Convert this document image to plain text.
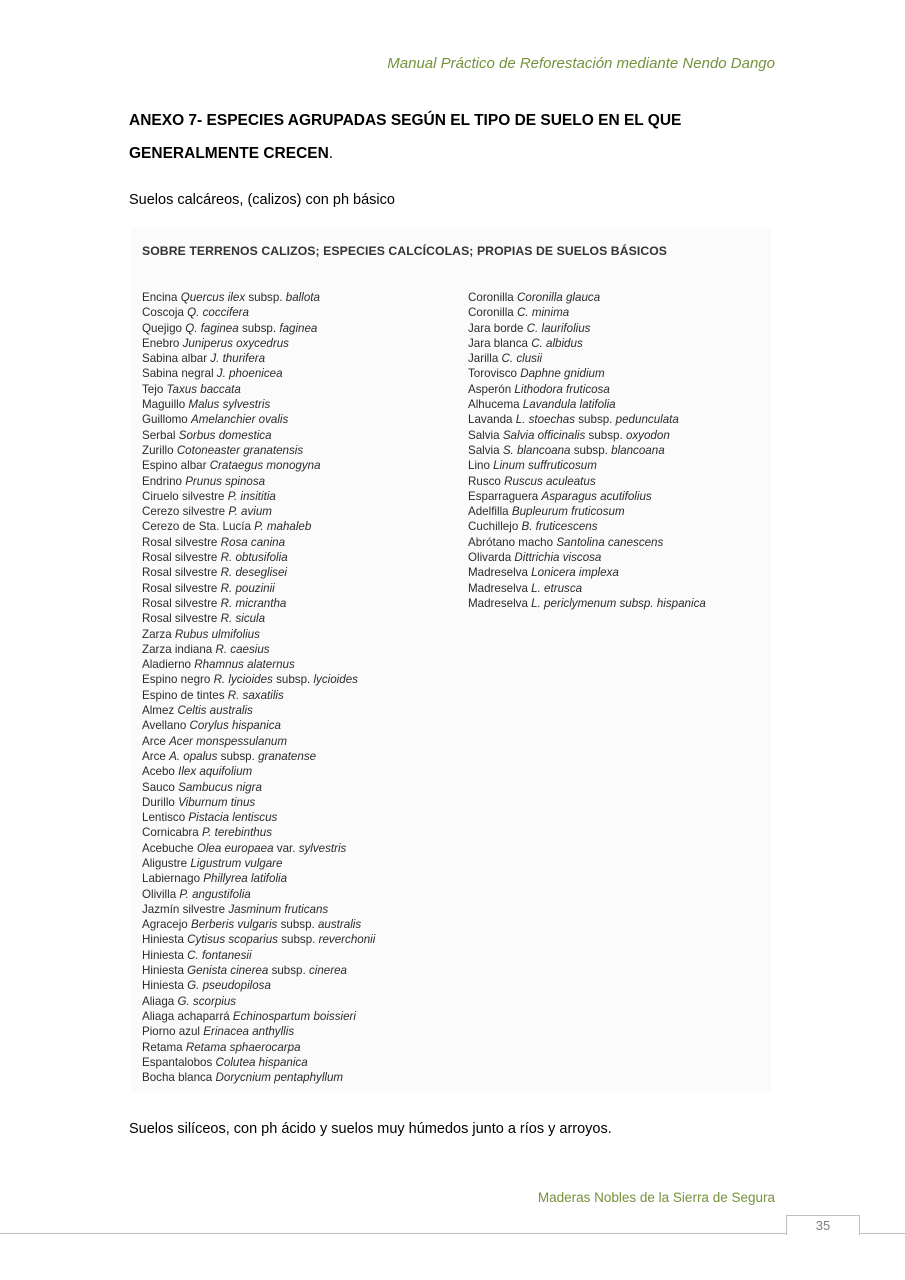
Manual Práctico de Reforestación mediante Nendo Dango
ANEXO 7- ESPECIES AGRUPADAS SEGÚN EL TIPO DE SUELO EN EL QUE
GENERALMENTE CRECEN.
Suelos calcáreos, (calizos) con ph básico
SOBRE TERRENOS CALIZOS; ESPECIES CALCÍCOLAS; PROPIAS DE SUELOS BÁSICOS
Encina Quercus ilex subsp. ballota
Coscoja Q. coccifera
Quejigo Q. faginea subsp. faginea
Enebro Juniperus oxycedrus
Sabina albar J. thurifera
Sabina negral J. phoenicea
Tejo Taxus baccata
Maguillo Malus sylvestris
Guillomo Amelanchier ovalis
Serbal Sorbus domestica
Zurillo Cotoneaster granatensis
Espino albar Crataegus monogyna
Endrino Prunus spinosa
Ciruelo silvestre P. insititia
Cerezo silvestre P. avium
Cerezo de Sta. Lucía P. mahaleb
Rosal silvestre Rosa canina
Rosal silvestre R. obtusifolia
Rosal silvestre R. deseglisei
Rosal silvestre R. pouzinii
Rosal silvestre R. micrantha
Rosal silvestre R. sicula
Zarza Rubus ulmifolius
Zarza indiana R. caesius
Aladierno Rhamnus alaternus
Espino negro R. lycioides subsp. lycioides
Espino de tintes R. saxatilis
Almez Celtis australis
Avellano Corylus hispanica
Arce Acer monspessulanum
Arce A. opalus subsp. granatense
Acebo Ilex aquifolium
Sauco Sambucus nigra
Durillo Viburnum tinus
Lentisco Pistacia lentiscus
Cornicabra P. terebinthus
Acebuche Olea europaea var. sylvestris
Aligustre Ligustrum vulgare
Labiernago Phillyrea latifolia
Olivilla P. angustifolia
Jazmín silvestre Jasminum fruticans
Agracejo Berberis vulgaris subsp. australis
Hiniesta Cytisus scoparius subsp. reverchonii
Hiniesta C. fontanesii
Hiniesta Genista cinerea subsp. cinerea
Hiniesta G. pseudopilosa
Aliaga G. scorpius
Aliaga achaparrá Echinospartum boissieri
Piorno azul Erinacea anthyllis
Retama Retama sphaerocarpa
Espantalobos Colutea hispanica
Bocha blanca Dorycnium pentaphyllum
Coronilla Coronilla glauca
Coronilla C. minima
Jara borde C. laurifolius
Jara blanca C. albidus
Jarilla C. clusii
Torovisco Daphne gnidium
Asperón Lithodora fruticosa
Alhucema Lavandula latifolia
Lavanda L. stoechas subsp. pedunculata
Salvia Salvia officinalis subsp. oxyodon
Salvia S. blancoana subsp. blancoana
Lino Linum suffruticosum
Rusco Ruscus aculeatus
Esparraguera Asparagus acutifolius
Adelfilla Bupleurum fruticosum
Cuchillejo B. fruticescens
Abrótano macho Santolina canescens
Olivarda Dittrichia viscosa
Madreselva Lonicera implexa
Madreselva L. etrusca
Madreselva L. periclymenum subsp. hispanica
Suelos silíceos, con ph ácido y suelos muy húmedos junto a ríos y arroyos.
Maderas Nobles de la Sierra de Segura
35
